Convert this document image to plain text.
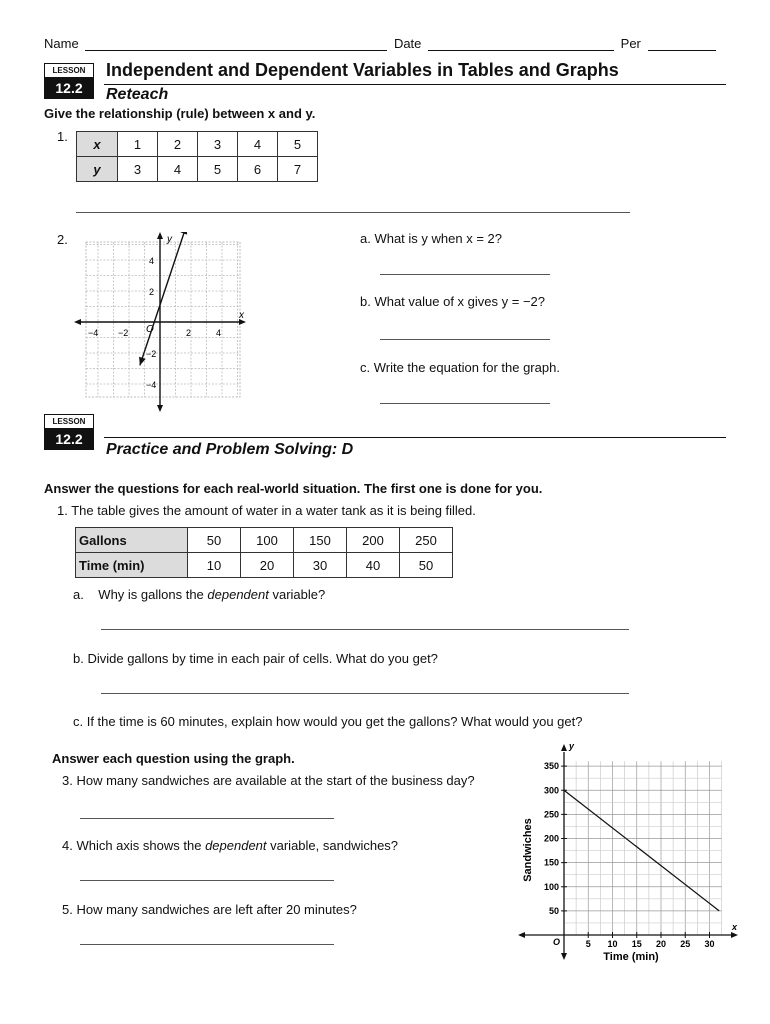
Name	Date	Per
LESSON
12.2
Independent and Dependent Variables in Tables and Graphs
Reteach
Give the relationship (rule) between x and y.
1. x	1	2	3	4	5
y	3	4	5	6	7
2.	y
x
O
−4 −2	2	4
4
2
−2
−4
a. What is y when x = 2?
b. What value of x gives y = −2?
c. Write the equation for the graph.
LESSON
12.2
Practice and Problem Solving: D
Answer the questions for each real-world situation. The first one is done for you.
1. The table gives the amount of water in a water tank as it is being filled.
Gallons	50	100	150	200	250
Time (min)	10	20	30	40	50
a. Why is gallons the dependent variable?
b. Divide gallons by time in each pair of cells. What do you get?
c. If the time is 60 minutes, explain how would you get the gallons? What would you get?
Answer each question using the graph.
3. How many sandwiches are available at the start of the business day?
4. Which axis shows the dependent variable, sandwiches?
5. How many sandwiches are left after 20 minutes?
y
x
O
50
100
150
200
250
300
350
5 10 15 20 25 30
Time (min)
Sandwiches
